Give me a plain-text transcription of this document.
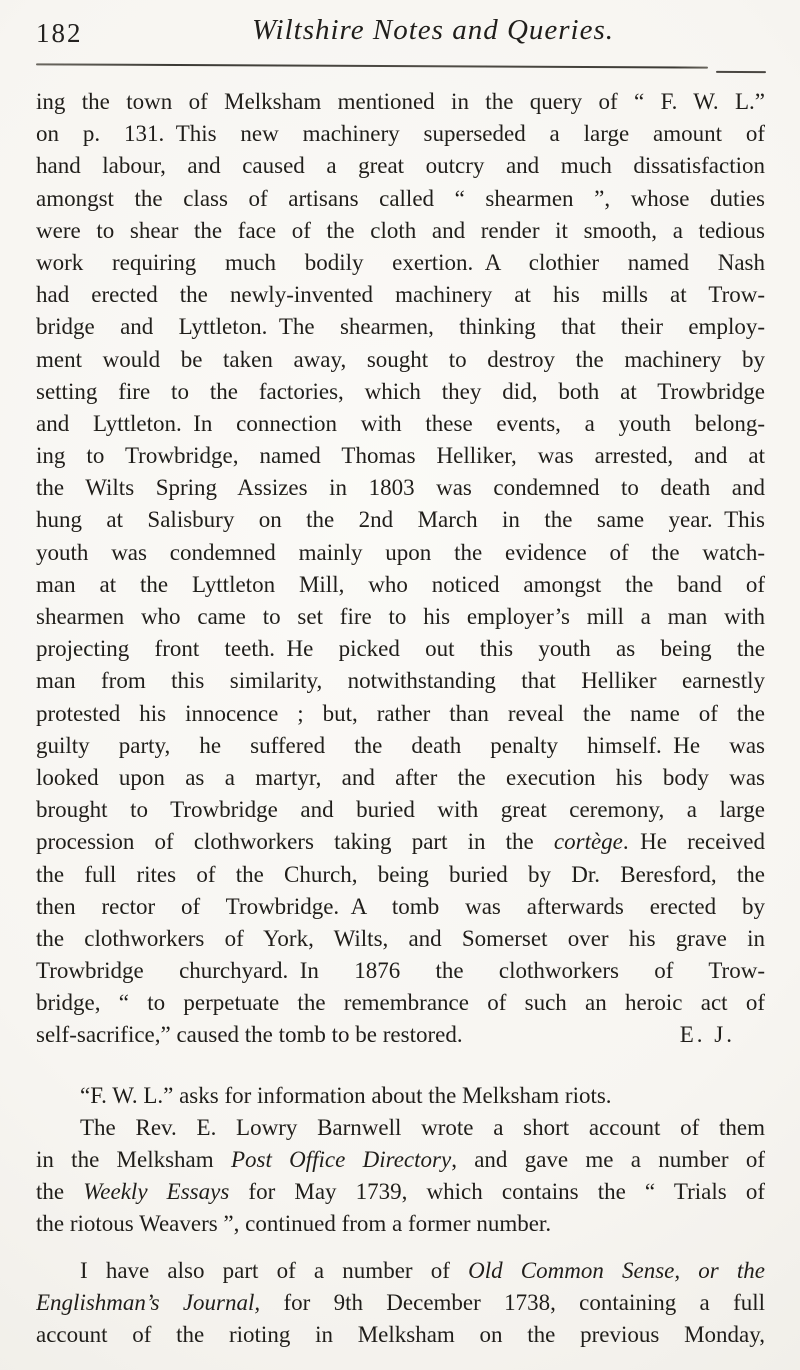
182	Wiltshire Notes and Queries.
ing the town of Melksham mentioned in the query of “ F. W. L.”
on p. 131. This new machinery superseded a large amount of
hand labour, and caused a great outcry and much dissatisfaction
amongst the class of artisans called “ shearmen ”, whose duties
were to shear the face of the cloth and render it smooth, a tedious
work requiring much bodily exertion. A clothier named Nash
had erected the newly-invented machinery at his mills at Trow-
bridge and Lyttleton. The shearmen, thinking that their employ-
ment would be taken away, sought to destroy the machinery by
setting fire to the factories, which they did, both at Trowbridge
and Lyttleton. In connection with these events, a youth belong-
ing to Trowbridge, named Thomas Helliker, was arrested, and at
the Wilts Spring Assizes in 1803 was condemned to death and
hung at Salisbury on the 2nd March in the same year. This
youth was condemned mainly upon the evidence of the watch-
man at the Lyttleton Mill, who noticed amongst the band of
shearmen who came to set fire to his employer’s mill a man with
projecting front teeth. He picked out this youth as being the
man from this similarity, notwithstanding that Helliker earnestly
protested his innocence ; but, rather than reveal the name of the
guilty party, he suffered the death penalty himself. He was
looked upon as a martyr, and after the execution his body was
brought to Trowbridge and buried with great ceremony, a large
procession of clothworkers taking part in the cortège. He received
the full rites of the Church, being buried by Dr. Beresford, the
then rector of Trowbridge. A tomb was afterwards erected by
the clothworkers of York, Wilts, and Somerset over his grave in
Trowbridge churchyard. In 1876 the clothworkers of Trow-
bridge, “ to perpetuate the remembrance of such an heroic act of
E. J.
self-sacrifice,” caused the tomb to be restored.
“F. W. L.” asks for information about the Melksham riots.
The Rev. E. Lowry Barnwell wrote a short account of them
in the Melksham Post Office Directory, and gave me a number of
the Weekly Essays for May 1739, which contains the “ Trials of
the riotous Weavers ”, continued from a former number.
I have also part of a number of Old Common Sense, or the
Englishman’s Journal, for 9th December 1738, containing a full
account of the rioting in Melksham on the previous Monday,
